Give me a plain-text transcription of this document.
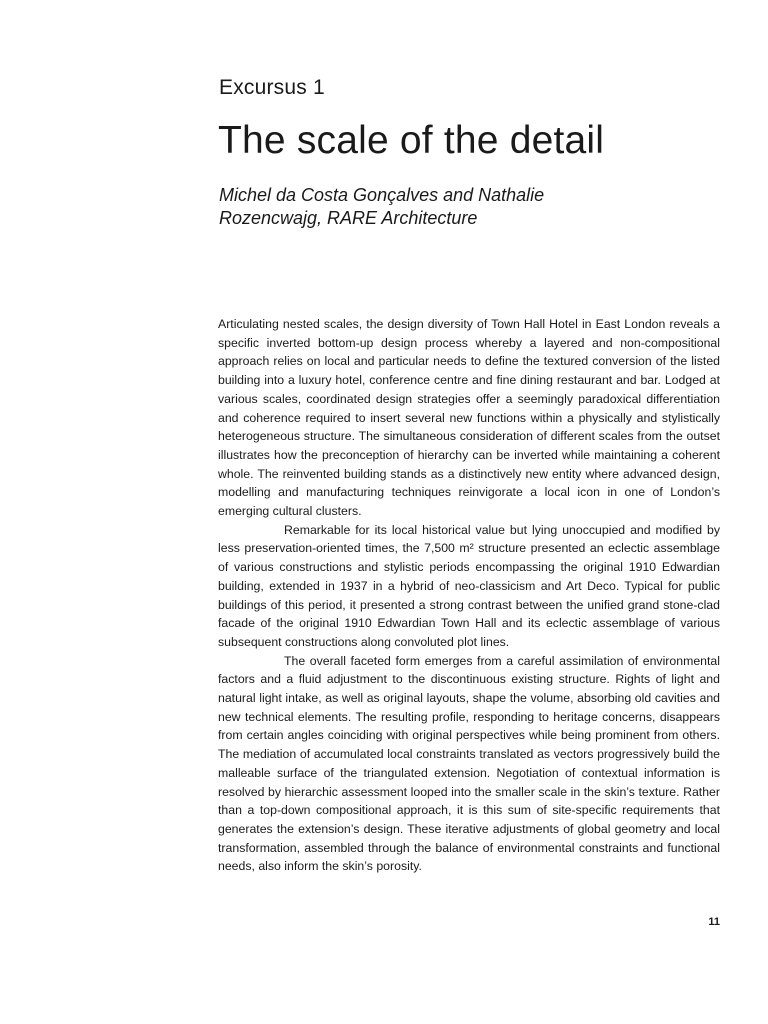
Excursus 1
The scale of the detail
Michel da Costa Gonçalves and Nathalie
Rozencwajg, RARE Architecture

Articulating nested scales, the design diversity of Town Hall Hotel in East London reveals a specific inverted bottom-up design process whereby a layered and non-compositional approach relies on local and particular needs to define the textured conversion of the listed building into a luxury hotel, conference centre and fine dining restaurant and bar. Lodged at various scales, coordinated design strategies offer a seemingly paradoxical differentiation and coherence required to insert several new functions within a physically and stylistically heterogeneous structure. The simultaneous consideration of different scales from the outset illustrates how the preconception of hierarchy can be inverted while maintaining a coherent whole. The reinvented building stands as a distinctively new entity where advanced design, modelling and manufacturing techniques reinvigorate a local icon in one of London’s emerging cultural clusters.

Remarkable for its local historical value but lying unoccupied and modified by less preservation-oriented times, the 7,500 m² structure presented an eclectic assemblage of various constructions and stylistic periods encompassing the original 1910 Edwardian building, extended in 1937 in a hybrid of neo-classicism and Art Deco. Typical for public buildings of this period, it presented a strong contrast between the unified grand stone-clad facade of the original 1910 Edwardian Town Hall and its eclectic assemblage of various subsequent constructions along convoluted plot lines.

The overall faceted form emerges from a careful assimilation of environmental factors and a fluid adjustment to the discontinuous existing structure. Rights of light and natural light intake, as well as original layouts, shape the volume, absorbing old cavities and new technical elements. The resulting profile, responding to heritage concerns, disappears from certain angles coinciding with original perspectives while being prominent from others. The mediation of accumulated local constraints translated as vectors progressively build the malleable surface of the triangulated extension. Negotiation of contextual information is resolved by hierarchic assessment looped into the smaller scale in the skin’s texture. Rather than a top-down compositional approach, it is this sum of site-specific requirements that generates the extension’s design. These iterative adjustments of global geometry and local transformation, assembled through the balance of environmental constraints and functional needs, also inform the skin’s porosity.

11
